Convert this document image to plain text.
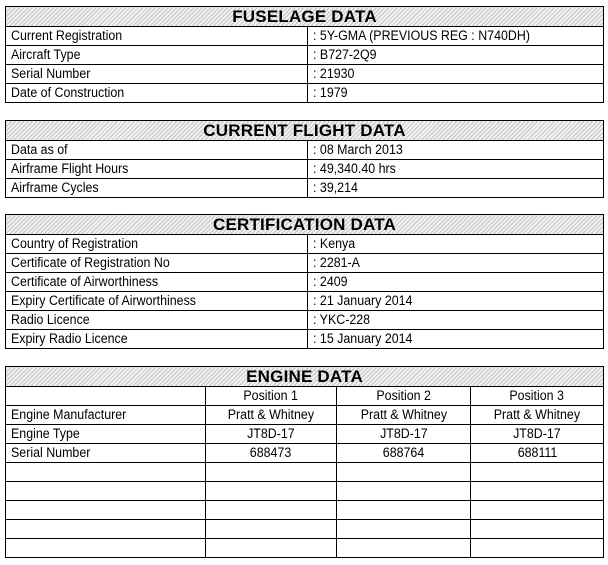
FUSELAGE DATA	
Current Registration	: 5Y-GMA (PREVIOUS REG : N740DH)
Aircraft Type	: B727-2Q9
Serial Number	: 21930
Date of Construction	: 1979
CURRENT FLIGHT DATA	
Data as of	: 08 March 2013
Airframe Flight Hours	: 49,340.40 hrs
Airframe Cycles	: 39,214
CERTIFICATION DATA	
Country of Registration	: Kenya
Certificate of Registration No	: 2281-A
Certificate of Airworthiness	: 2409
Expiry Certificate of Airworthiness	: 21 January 2014
Radio Licence	: YKC-228
Expiry Radio Licence	: 15 January 2014
ENGINE DATA			
	Position 1	Position 2	Position 3
Engine Manufacturer	Pratt & Whitney	Pratt & Whitney	Pratt & Whitney
Engine Type	JT8D-17	JT8D-17	JT8D-17
Serial Number	688473	688764	688111
